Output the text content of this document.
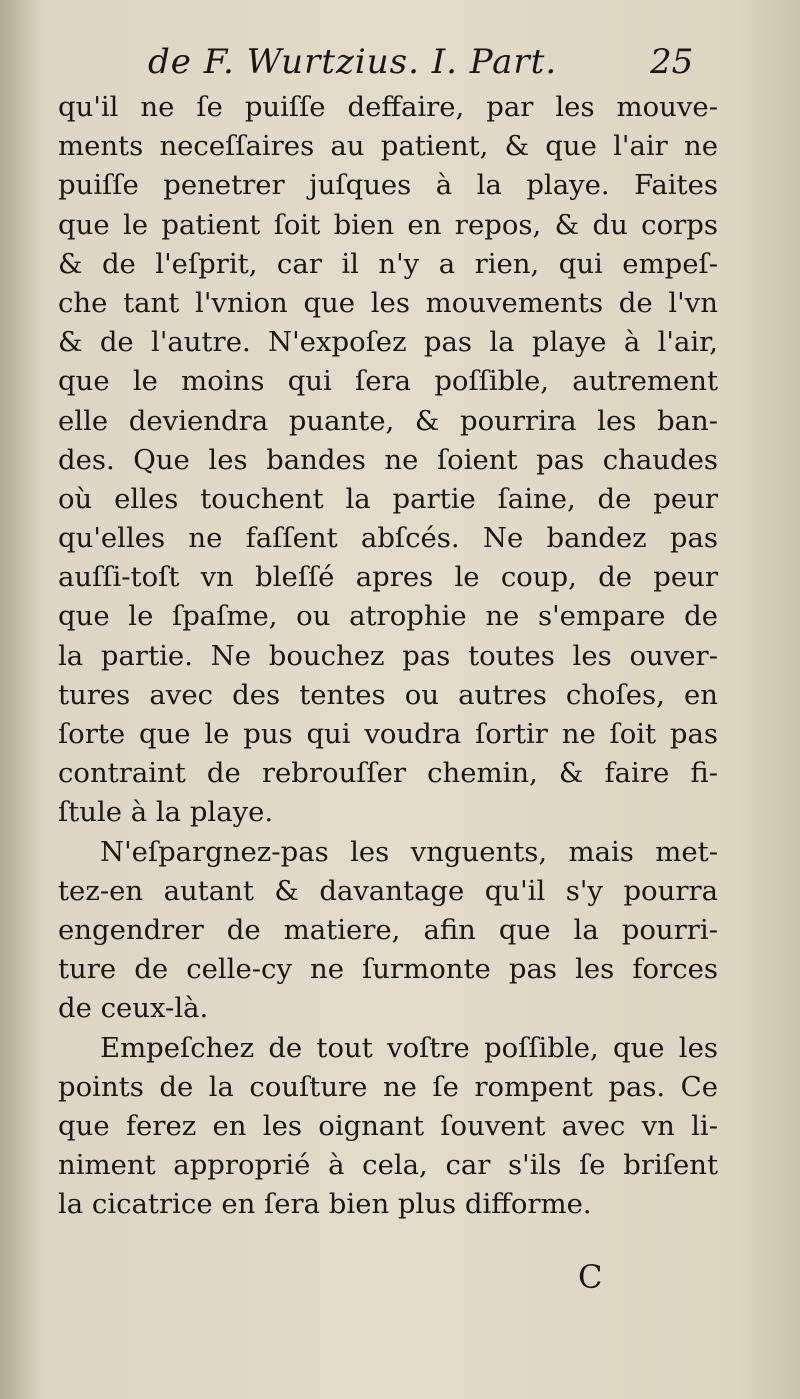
de F. Wurtzius. I. Part.	25
qu'il ne ſe puiſſe deffaire, par les mouve-
ments neceſſaires au patient, & que l'air ne
puiſſe penetrer juſques à la playe. Faites
que le patient ſoit bien en repos, & du corps
& de l'eſprit, car il n'y a rien, qui empeſ-
che tant l'vnion que les mouvements de l'vn
& de l'autre. N'expoſez pas la playe à l'air,
que le moins qui ſera poſſible, autrement
elle deviendra puante, & pourrira les ban-
des. Que les bandes ne ſoient pas chaudes
où elles touchent la partie ſaine, de peur
qu'elles ne faſſent abſcés. Ne bandez pas
auſſi-toſt vn bleſſé apres le coup, de peur
que le ſpaſme, ou atrophie ne s'empare de
la partie. Ne bouchez pas toutes les ouver-
tures avec des tentes ou autres choſes, en
ſorte que le pus qui voudra ſortir ne ſoit pas
contraint de rebrouſſer chemin, & faire fi-
ſtule à la playe.
N'eſpargnez-pas les vnguents, mais met-
tez-en autant & davantage qu'il s'y pourra
engendrer de matiere, afin que la pourri-
ture de celle-cy ne ſurmonte pas les forces
de ceux-là.
Empeſchez de tout voſtre poſſible, que les
points de la couſture ne ſe rompent pas. Ce
que ferez en les oignant ſouvent avec vn li-
niment approprié à cela, car s'ils ſe briſent
la cicatrice en ſera bien plus difforme.
C
